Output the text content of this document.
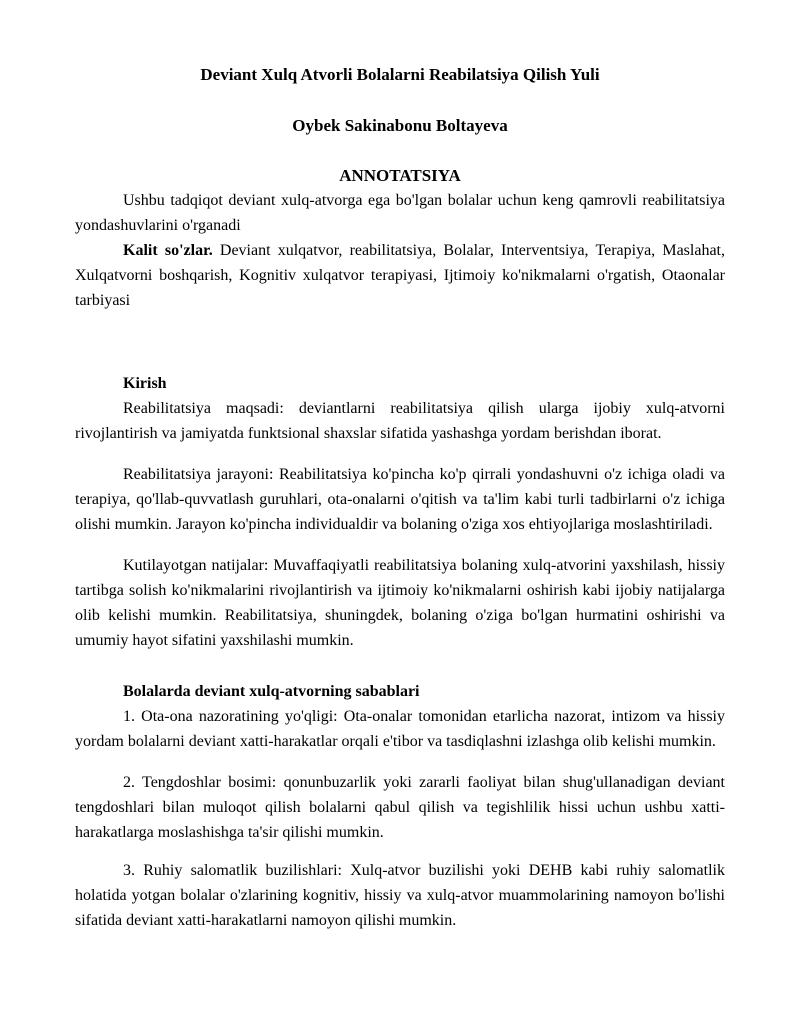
Deviant Xulq Atvorli Bolalarni Reabilatsiya Qilish Yuli
Oybek Sakinabonu Boltayeva
ANNOTATSIYA

Ushbu tadqiqot deviant xulq-atvorga ega bo'lgan bolalar uchun keng qamrovli reabilitatsiya yondashuvlarini o'rganadi

Kalit so'zlar. Deviant xulqatvor, reabilitatsiya, Bolalar, Interventsiya, Terapiya, Maslahat, Xulqatvorni boshqarish, Kognitiv xulqatvor terapiyasi, Ijtimoiy ko'nikmalarni o'rgatish, Otaonalar tarbiyasi

Kirish

Reabilitatsiya maqsadi: deviantlarni reabilitatsiya qilish ularga ijobiy xulq-atvorni rivojlantirish va jamiyatda funktsional shaxslar sifatida yashashga yordam berishdan iborat.

Reabilitatsiya jarayoni: Reabilitatsiya ko'pincha ko'p qirrali yondashuvni o'z ichiga oladi va terapiya, qo'llab-quvvatlash guruhlari, ota-onalarni o'qitish va ta'lim kabi turli tadbirlarni o'z ichiga olishi mumkin. Jarayon ko'pincha individualdir va bolaning o'ziga xos ehtiyojlariga moslashtiriladi.

Kutilayotgan natijalar: Muvaffaqiyatli reabilitatsiya bolaning xulq-atvorini yaxshilash, hissiy tartibga solish ko'nikmalarini rivojlantirish va ijtimoiy ko'nikmalarni oshirish kabi ijobiy natijalarga olib kelishi mumkin. Reabilitatsiya, shuningdek, bolaning o'ziga bo'lgan hurmatini oshirishi va umumiy hayot sifatini yaxshilashi mumkin.

Bolalarda deviant xulq-atvorning sabablari

1. Ota-ona nazoratining yo'qligi: Ota-onalar tomonidan etarlicha nazorat, intizom va hissiy yordam bolalarni deviant xatti-harakatlar orqali e'tibor va tasdiqlashni izlashga olib kelishi mumkin.

2. Tengdoshlar bosimi: qonunbuzarlik yoki zararli faoliyat bilan shug'ullanadigan deviant tengdoshlari bilan muloqot qilish bolalarni qabul qilish va tegishlilik hissi uchun ushbu xatti-harakatlarga moslashishga ta'sir qilishi mumkin.

3. Ruhiy salomatlik buzilishlari: Xulq-atvor buzilishi yoki DEHB kabi ruhiy salomatlik holatida yotgan bolalar o'zlarining kognitiv, hissiy va xulq-atvor muammolarining namoyon bo'lishi sifatida deviant xatti-harakatlarni namoyon qilishi mumkin.
